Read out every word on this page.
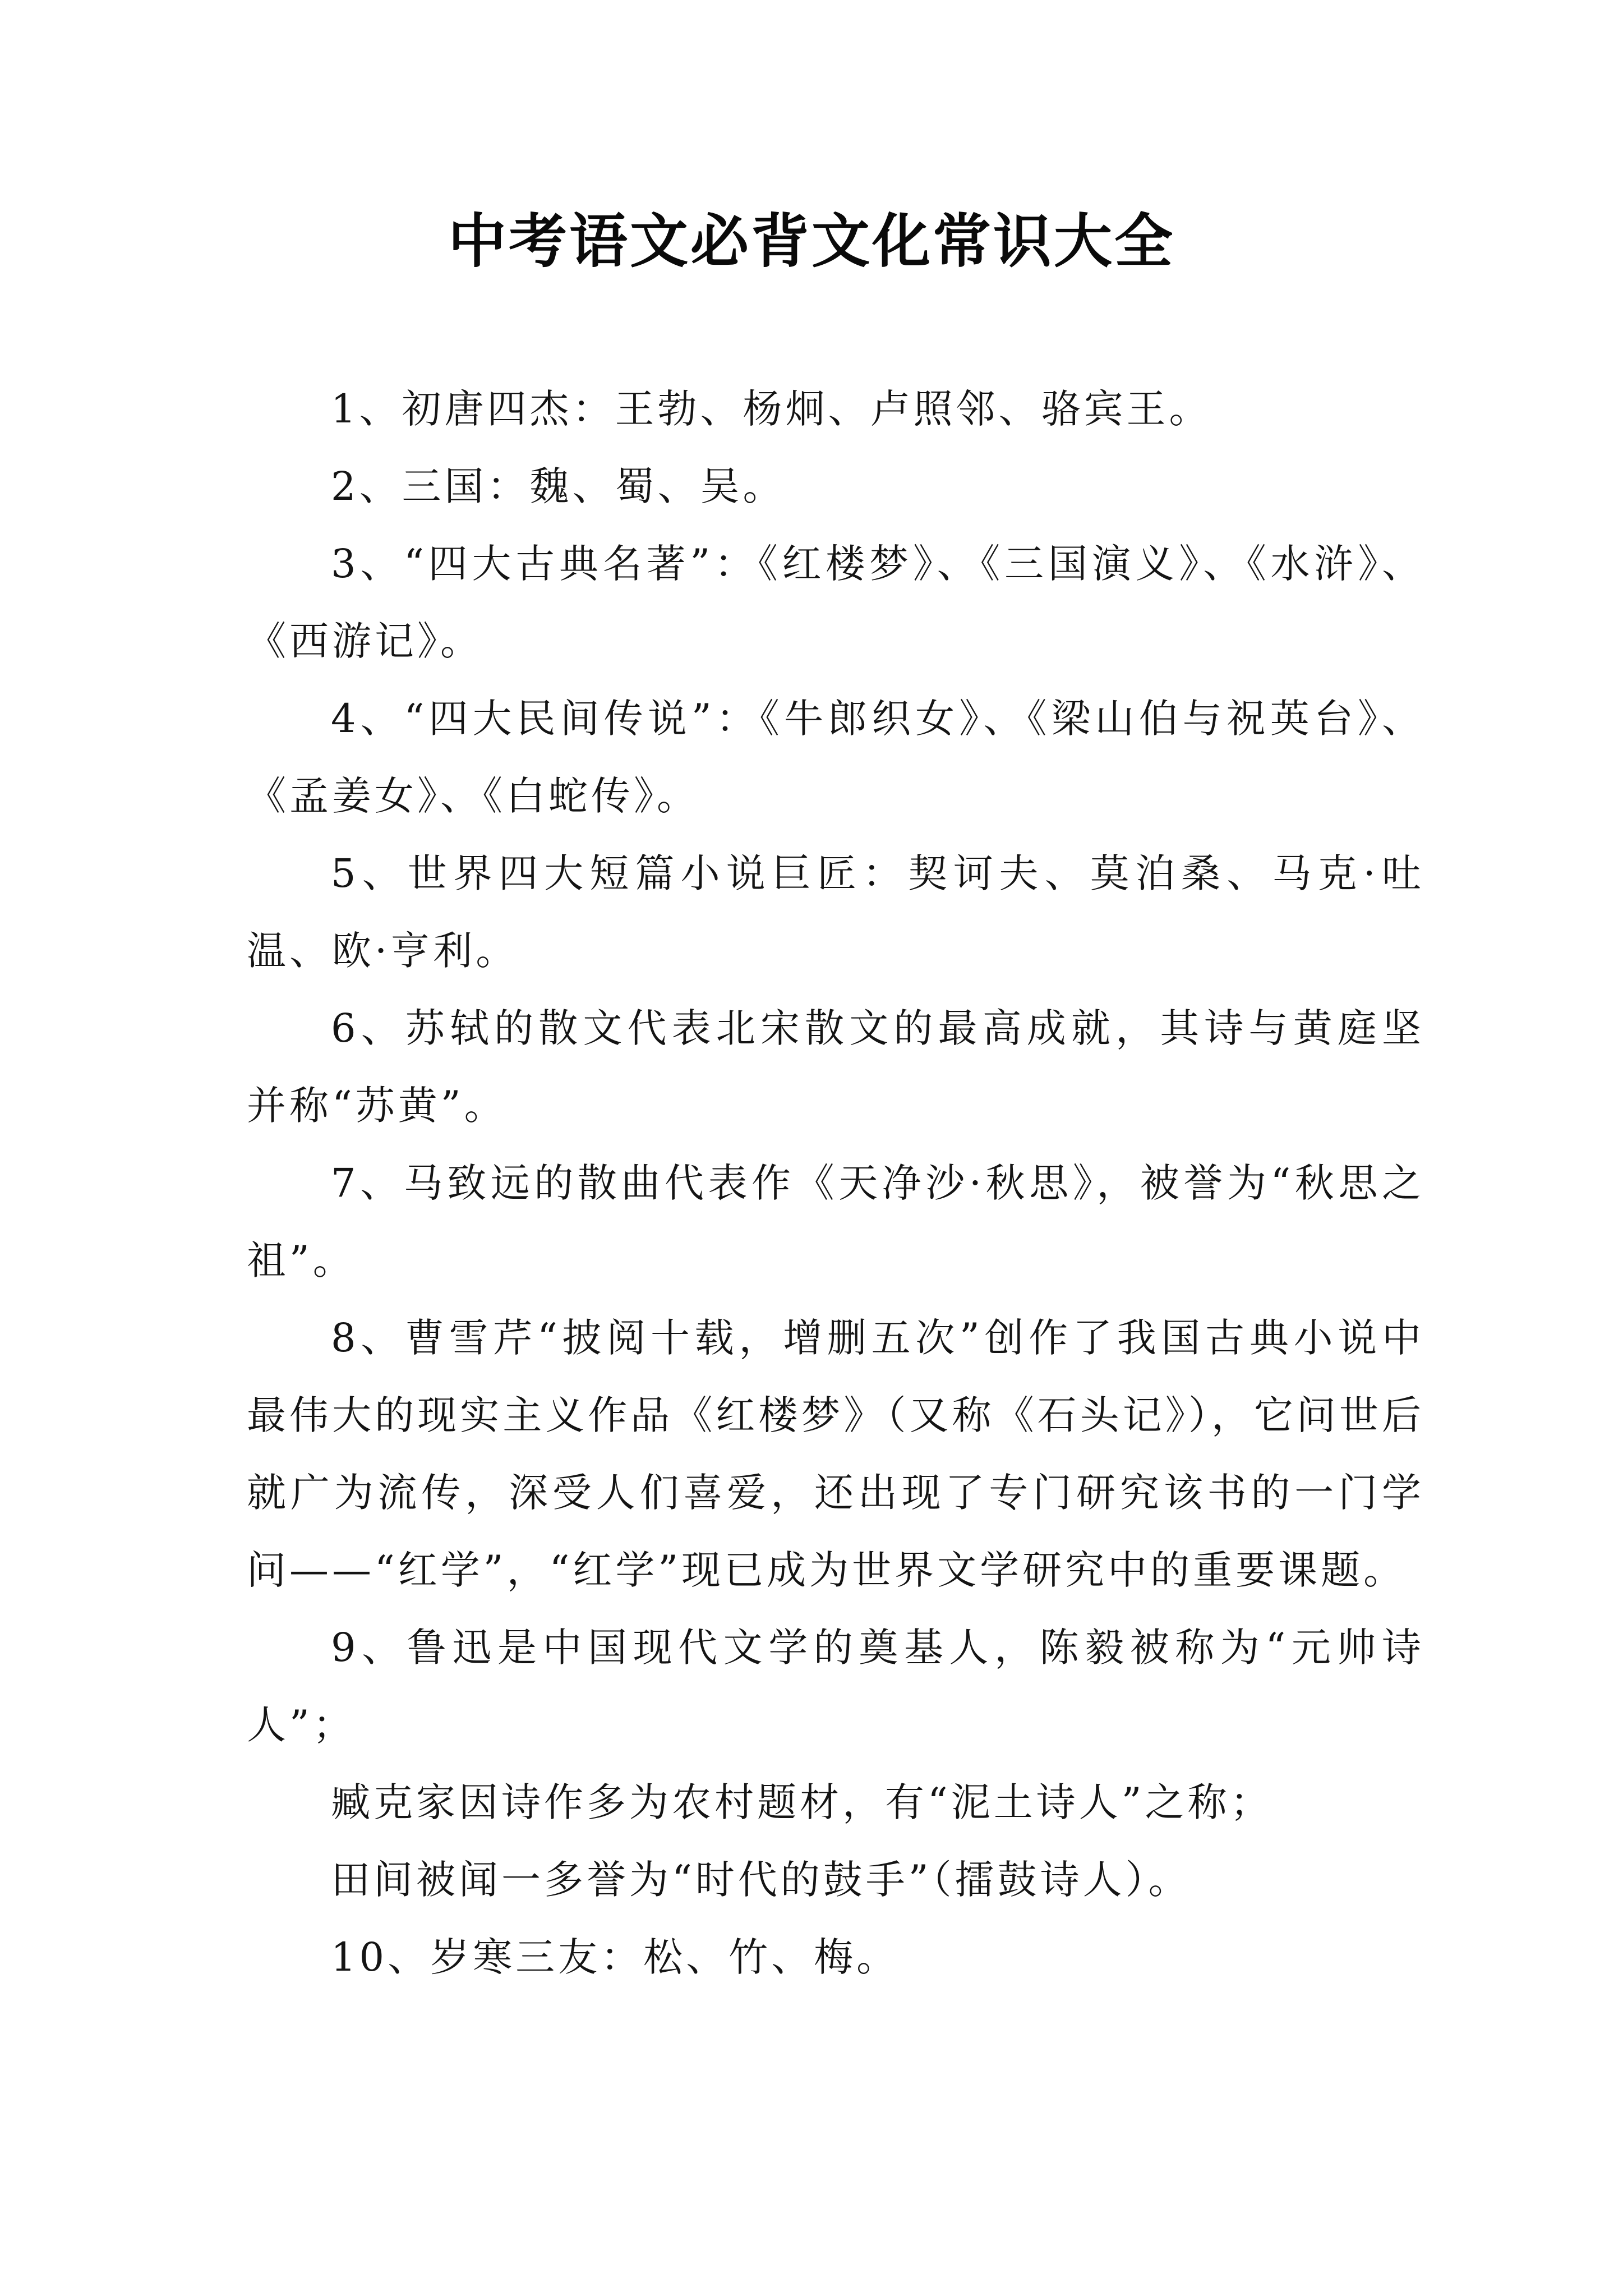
中考语文必背文化常识大全

1、初唐四杰：王勃、杨炯、卢照邻、骆宾王。

2、三国：魏、蜀、吴。

3、“四大古典名著”：《红楼梦》、《三国演义》、《水浒》、《西游记》。

4、“四大民间传说”：《牛郎织女》、《梁山伯与祝英台》、《孟姜女》、《白蛇传》。

5、世界四大短篇小说巨匠：契诃夫、莫泊桑、马克·吐温、欧·亨利。

6、苏轼的散文代表北宋散文的最高成就，其诗与黄庭坚并称“苏黄”。

7、马致远的散曲代表作《天净沙·秋思》，被誉为“秋思之祖”。

8、曹雪芹“披阅十载，增删五次”创作了我国古典小说中最伟大的现实主义作品《红楼梦》（又称《石头记》），它问世后就广为流传，深受人们喜爱，还出现了专门研究该书的一门学问——“红学”，“红学”现已成为世界文学研究中的重要课题。

9、鲁迅是中国现代文学的奠基人，陈毅被称为“元帅诗人”；

臧克家因诗作多为农村题材，有“泥土诗人”之称；

田间被闻一多誉为“时代的鼓手”（擂鼓诗人）。

10、岁寒三友：松、竹、梅。
